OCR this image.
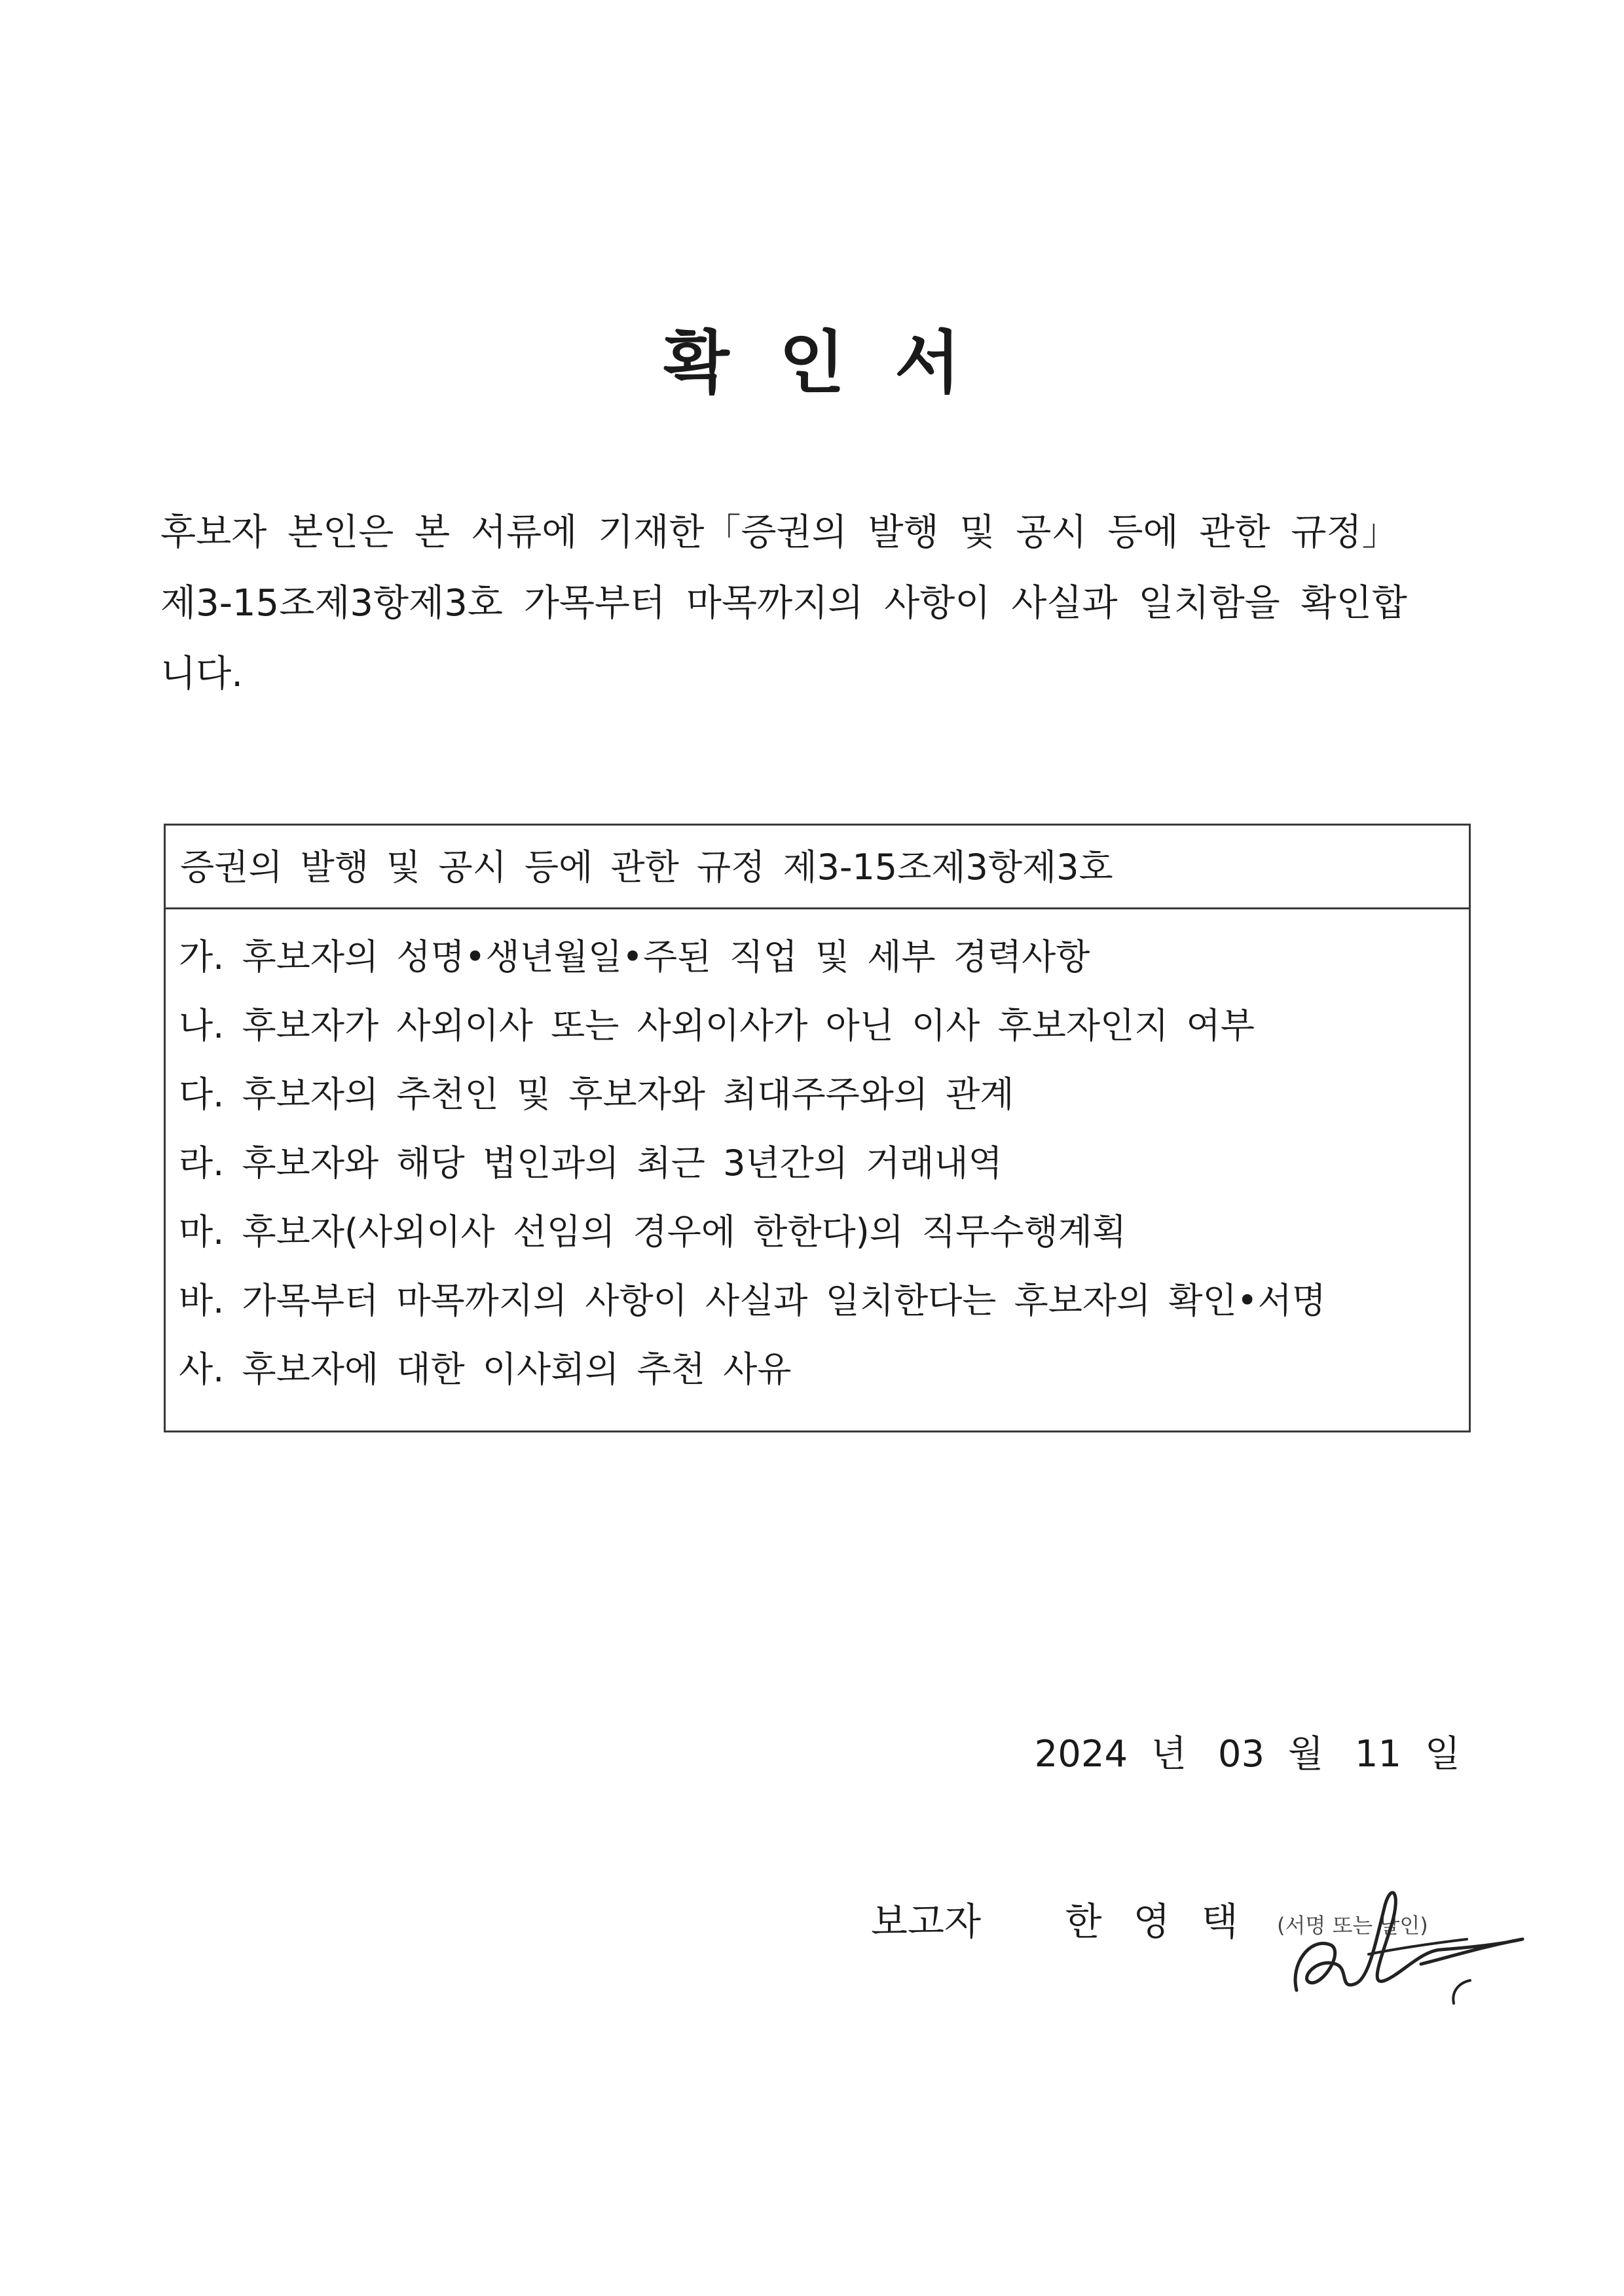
확 인 서
후보자 본인은 본 서류에 기재한「증권의 발행 및 공시 등에 관한 규정」
제3-15조제3항제3호 가목부터 마목까지의 사항이 사실과 일치함을 확인합
니다.
증권의 발행 및 공시 등에 관한 규정 제3-15조제3항제3호
가. 후보자의 성명•생년월일•주된 직업 및 세부 경력사항
나. 후보자가 사외이사 또는 사외이사가 아닌 이사 후보자인지 여부
다. 후보자의 추천인 및 후보자와 최대주주와의 관계
라. 후보자와 해당 법인과의 최근 3년간의 거래내역
마. 후보자(사외이사 선임의 경우에 한한다)의 직무수행계획
바. 가목부터 마목까지의 사항이 사실과 일치한다는 후보자의 확인•서명
사. 후보자에 대한 이사회의 추천 사유
2024 년 03 월 11 일
보고자 한 영 택	(서명 또는 날인)
